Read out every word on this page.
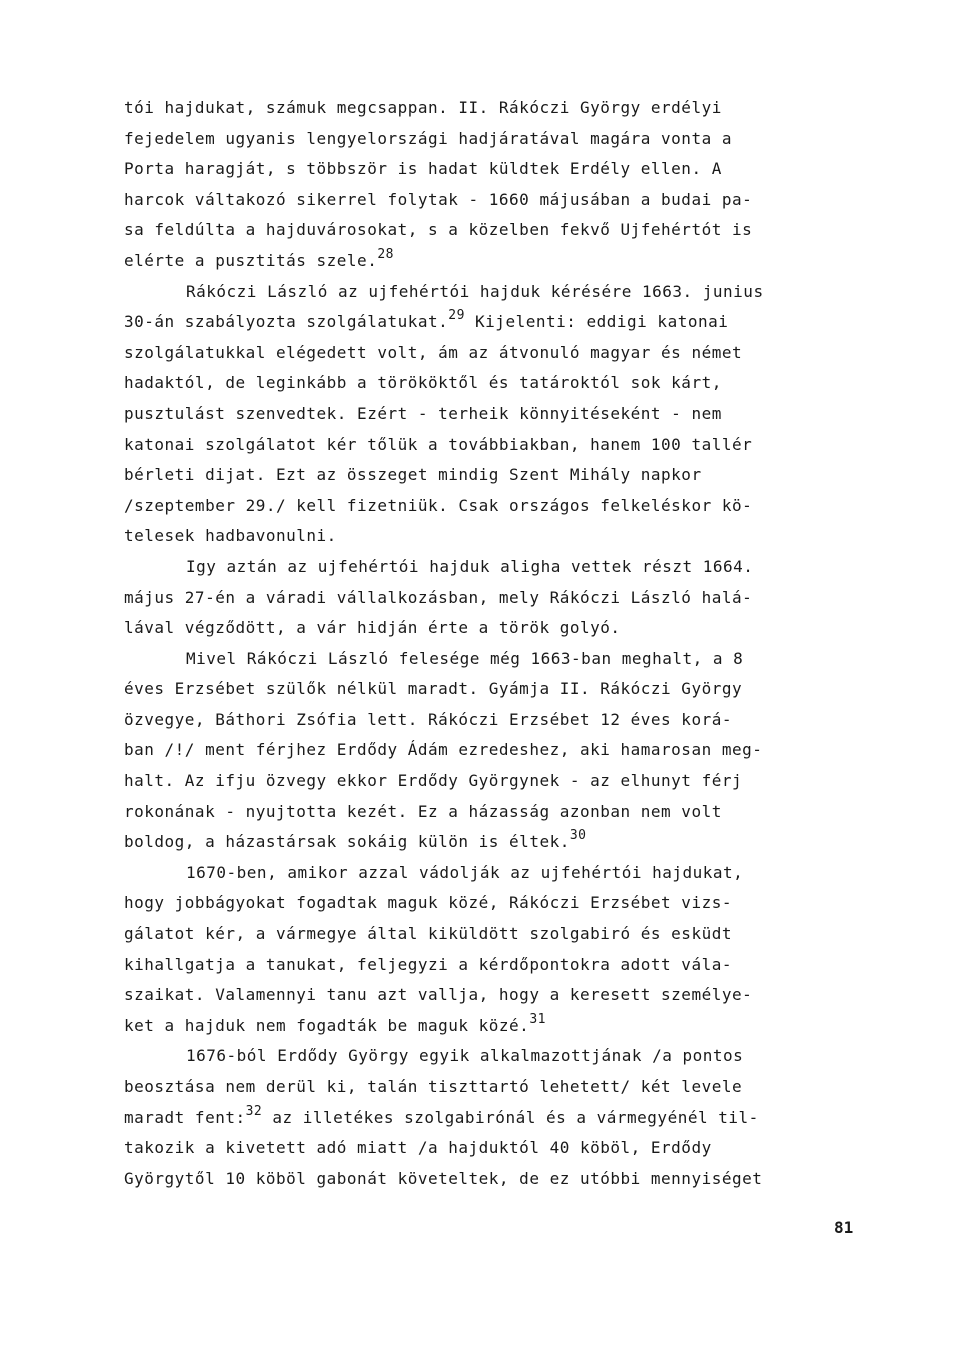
tói hajdukat, számuk megcsappan. II. Rákóczi György erdélyi
fejedelem ugyanis lengyelországi hadjáratával magára vonta a
Porta haragját, s többször is hadat küldtek Erdély ellen. A
harcok váltakozó sikerrel folytak - 1660 májusában a budai pa-
sa feldúlta a hajduvárosokat, s a közelben fekvő Ujfehértót is
elérte a pusztitás szele.$^{28}$
Rákóczi László az ujfehértói hajduk kérésére 1663. junius
30-án szabályozta szolgálatukat.$^{29}$ Kijelenti: eddigi katonai
szolgálatukkal elégedett volt, ám az átvonuló magyar és német
hadaktól, de leginkább a törököktől és tatároktól sok kárt,
pusztulást szenvedtek. Ezért - terheik könnyitéseként - nem
katonai szolgálatot kér tőlük a továbbiakban, hanem 100 tallér
bérleti dijat. Ezt az összeget mindig Szent Mihály napkor
/szeptember 29./ kell fizetniük. Csak országos felkeléskor kö-
telesek hadbavonulni.
Igy aztán az ujfehértói hajduk aligha vettek részt 1664.
május 27-én a váradi vállalkozásban, mely Rákóczi László halá-
lával végződött, a vár hidján érte a török golyó.
Mivel Rákóczi László felesége még 1663-ban meghalt, a 8
éves Erzsébet szülők nélkül maradt. Gyámja II. Rákóczi György
özvegye, Báthori Zsófia lett. Rákóczi Erzsébet 12 éves korá-
ban /!/ ment férjhez Erdődy Ádám ezredeshez, aki hamarosan meg-
halt. Az ifju özvegy ekkor Erdődy Györgynek - az elhunyt férj
rokonának - nyujtotta kezét. Ez a házasság azonban nem volt
boldog, a házastársak sokáig külön is éltek.$^{30}$
1670-ben, amikor azzal vádolják az ujfehértói hajdukat,
hogy jobbágyokat fogadtak maguk közé, Rákóczi Erzsébet vizs-
gálatot kér, a vármegye által kiküldött szolgabiró és esküdt
kihallgatja a tanukat, feljegyzi a kérdőpontokra adott vála-
szaikat. Valamennyi tanu azt vallja, hogy a keresett személye-
ket a hajduk nem fogadták be maguk közé.$^{31}$
1676-ból Erdődy György egyik alkalmazottjának /a pontos
beosztása nem derül ki, talán tiszttartó lehetett/ két levele
maradt fent:$^{32}$ az illetékes szolgabirónál és a vármegyénél til-
takozik a kivetett adó miatt /a hajduktól 40 köböl, Erdődy
Györgytől 10 köböl gabonát követeltek, de ez utóbbi mennyiséget
81
